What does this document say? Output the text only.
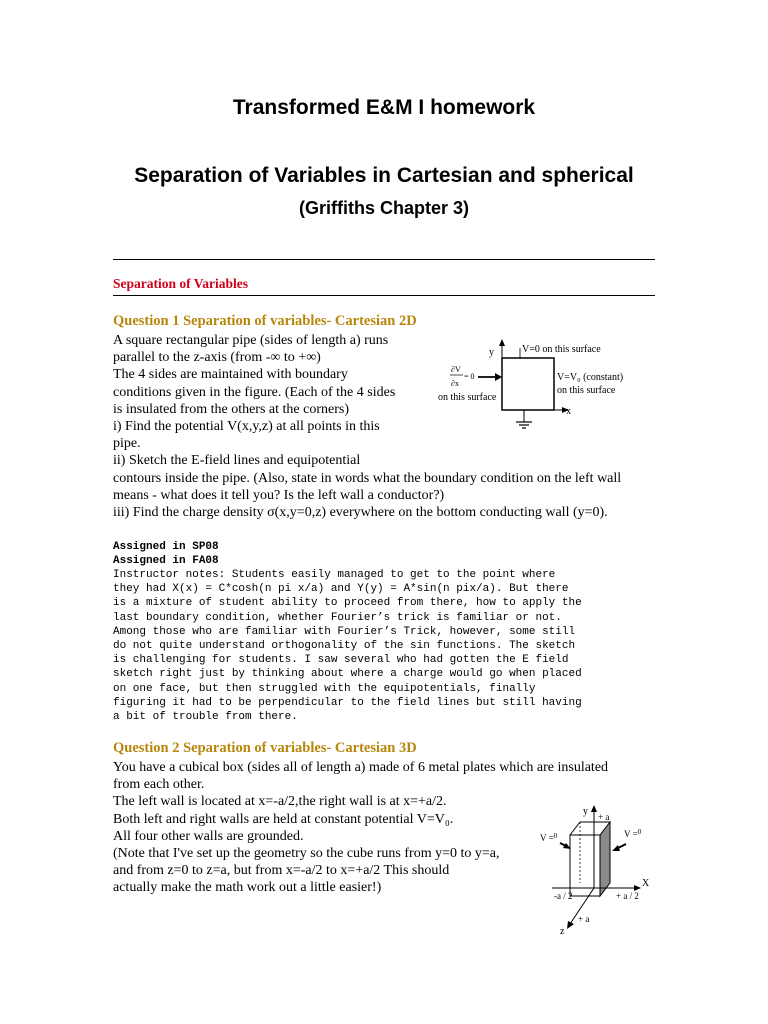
Transformed E&M I homework
Separation of Variables in Cartesian and spherical
(Griffiths Chapter 3)

Separation of Variables

Question 1 Separation of variables- Cartesian 2D

A square rectangular pipe (sides of length a) runs
parallel to the z-axis (from -∞ to +∞)
The 4 sides are maintained with boundary
conditions given in the figure. (Each of the 4 sides
is insulated from the others at the corners)
i) Find the potential V(x,y,z) at all points in this
pipe.
ii) Sketch the E-field lines and equipotential
contours inside the pipe. (Also, state in words what the boundary condition on the left wall
means - what does it tell you? Is the left wall a conductor?)
iii) Find the charge density σ(x,y=0,z) everywhere on the bottom conducting wall (y=0).
y
x
V=0 on this surface
∂V
∂x
= 0
on this surface
V=V₀ (constant)
on this surface

Assigned in SP08
Assigned in FA08

Instructor notes: Students easily managed to get to the point where
they had X(x) = C*cosh(n pi x/a) and Y(y) = A*sin(n pix/a). But there
is a mixture of student ability to proceed from there, how to apply the
last boundary condition, whether Fourier’s trick is familiar or not.
Among those who are familiar with Fourier’s Trick, however, some still
do not quite understand orthogonality of the sin functions. The sketch
is challenging for students. I saw several who had gotten the E field
sketch right just by thinking about where a charge would go when placed
on one face, but then struggled with the equipotentials, finally
figuring it had to be perpendicular to the field lines but still having
a bit of trouble from there.

Question 2 Separation of variables- Cartesian 3D

You have a cubical box (sides all of length a) made of 6 metal plates which are insulated
from each other.
The left wall is located at x=-a/2,the right wall is at x=+a/2.
Both left and right walls are held at constant potential V=V₀.
All four other walls are grounded.
(Note that I've set up the geometry so the cube runs from y=0 to y=a,
and from z=0 to z=a, but from x=-a/2 to x=+a/2 This should
actually make the math work out a little easier!)
y + a
X
-a / 2	+ a / 2
z
+ a
V =$^0$	V =$^0$
